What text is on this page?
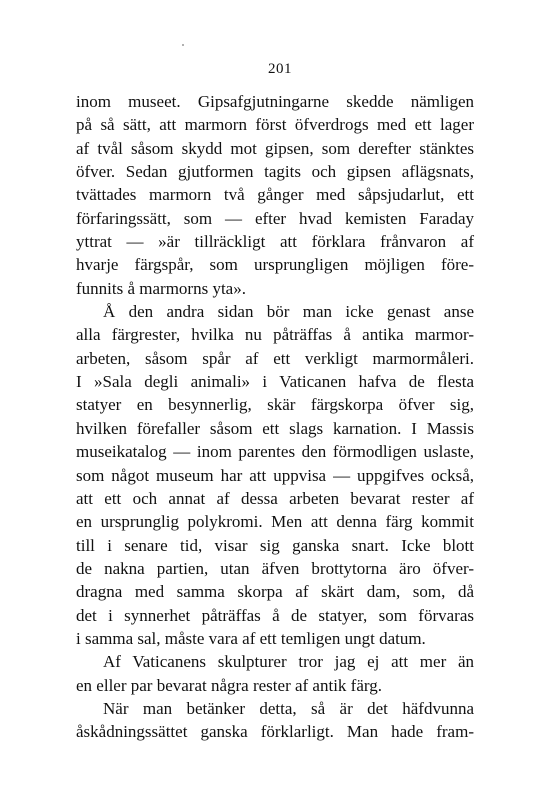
201
inom museet. Gipsafgjutningarne skedde nämligen
på så sätt, att marmorn först öfverdrogs med ett lager
af tvål såsom skydd mot gipsen, som derefter stänktes
öfver. Sedan gjutformen tagits och gipsen aflägsnats,
tvättades marmorn två gånger med såpsjudarlut, ett
förfaringssätt, som — efter hvad kemisten Faraday
yttrat — »är tillräckligt att förklara frånvaron af
hvarje färgspår, som ursprungligen möjligen före-
funnits å marmorns yta».
Å den andra sidan bör man icke genast anse
alla färgrester, hvilka nu påträffas å antika marmor-
arbeten, såsom spår af ett verkligt marmormåleri.
I »Sala degli animali» i Vaticanen hafva de flesta
statyer en besynnerlig, skär färgskorpa öfver sig,
hvilken förefaller såsom ett slags karnation. I Massis
museikatalog — inom parentes den förmodligen uslaste,
som något museum har att uppvisa — uppgifves också,
att ett och annat af dessa arbeten bevarat rester af
en ursprunglig polykromi. Men att denna färg kommit
till i senare tid, visar sig ganska snart. Icke blott
de nakna partien, utan äfven brottytorna äro öfver-
dragna med samma skorpa af skärt dam, som, då
det i synnerhet påträffas å de statyer, som förvaras
i samma sal, måste vara af ett temligen ungt datum.
Af Vaticanens skulpturer tror jag ej att mer än
en eller par bevarat några rester af antik färg.
När man betänker detta, så är det häfdvunna
åskådningssättet ganska förklarligt. Man hade fram-
